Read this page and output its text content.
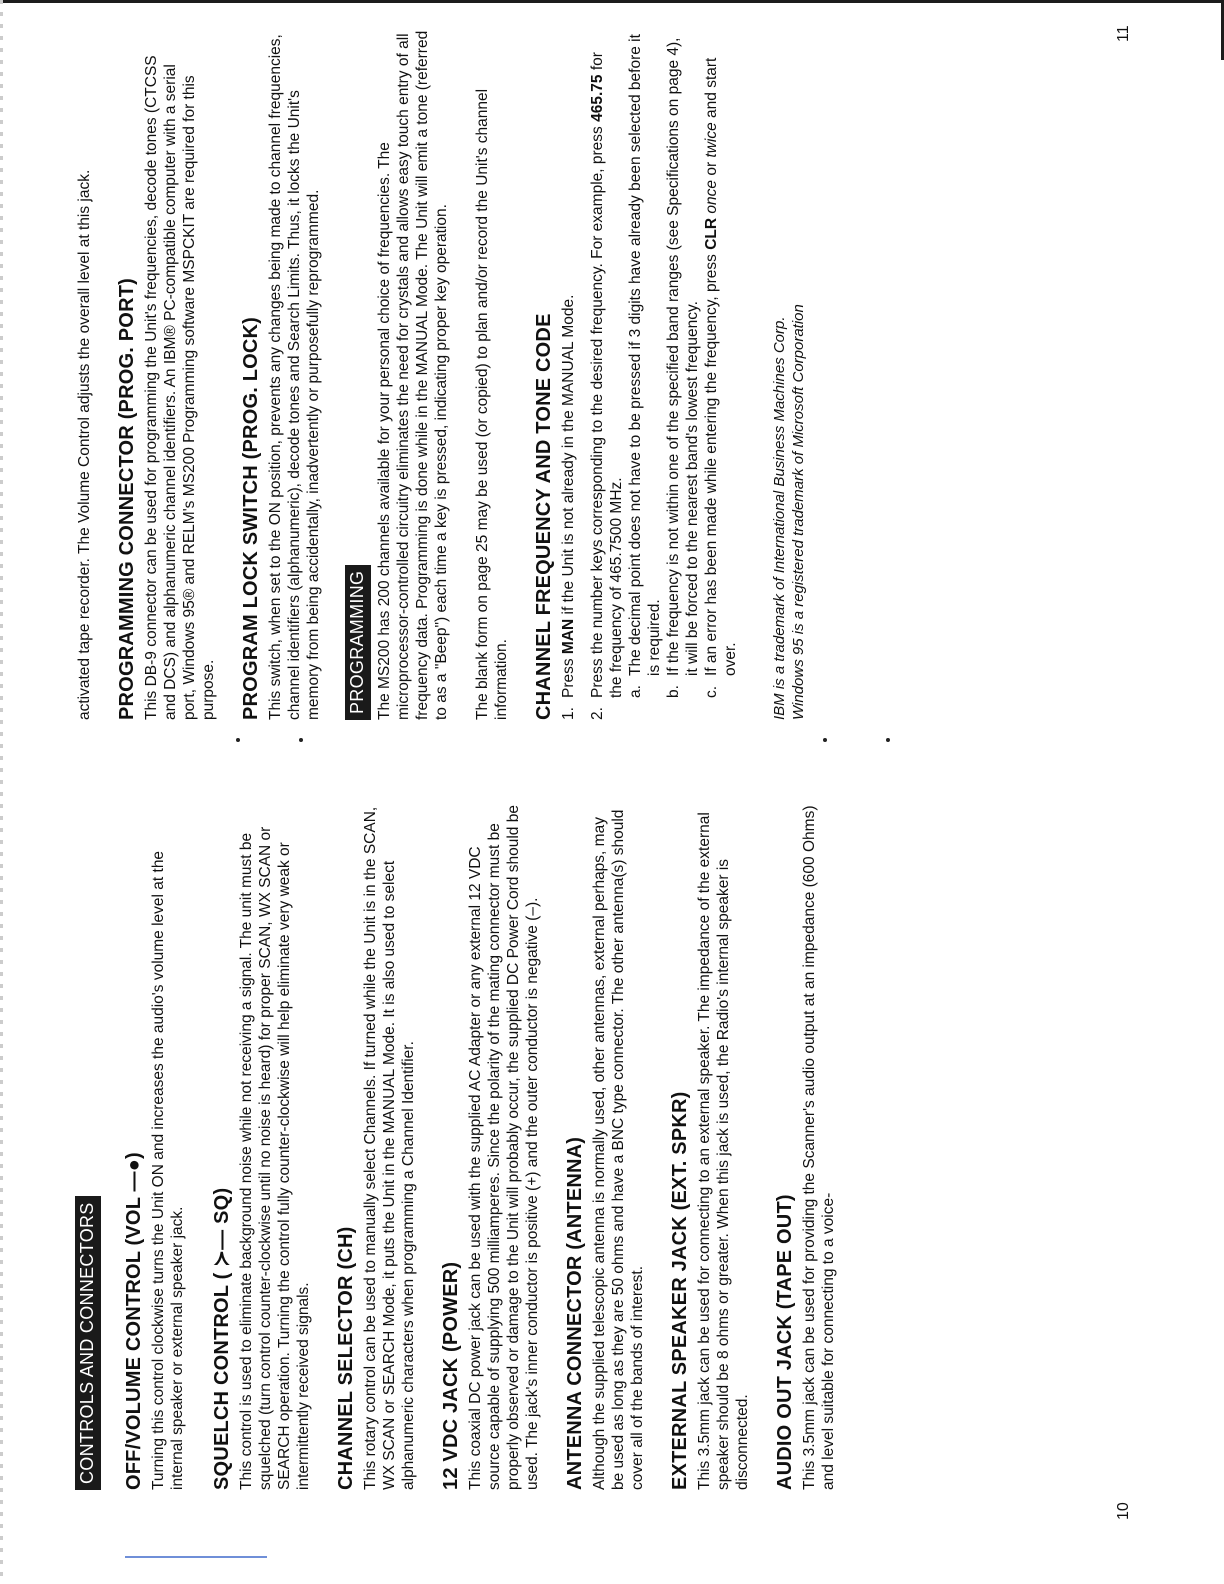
CONTROLS AND CONNECTORS OFF/VOLUME CONTROL (VOL —●) Turning this control clockwise turns the Unit ON and increases the audio's volume level at the internal speaker or external speaker jack. SQUELCH CONTROL ( ≻— SQ) This control is used to eliminate background noise while not receiving a signal. The unit must be squelched (turn control counter-clockwise until no noise is heard) for proper SCAN, WX SCAN or SEARCH operation. Turning the control fully counter-clockwise will help eliminate very weak or intermittently received signals. CHANNEL SELECTOR (CH) This rotary control can be used to manually select Channels. If turned while the Unit is in the SCAN, WX SCAN or SEARCH Mode, it puts the Unit in the MANUAL Mode. It is also used to select alphanumeric characters when programming a Channel Identifier. 12 VDC JACK (POWER) This coaxial DC power jack can be used with the supplied AC Adapter or any external 12 VDC source capable of supplying 500 milliamperes. Since the polarity of the mating connector must be properly observed or damage to the Unit will probably occur, the supplied DC Power Cord should be used. The jack's inner conductor is positive (+) and the outer conductor is negative (–). ANTENNA CONNECTOR (ANTENNA) Although the supplied telescopic antenna is normally used, other antennas, external perhaps, may be used as long as they are 50 ohms and have a BNC type connector. The other antenna(s) should cover all of the bands of interest. EXTERNAL SPEAKER JACK (EXT. SPKR) This 3.5mm jack can be used for connecting to an external speaker. The impedance of the external speaker should be 8 ohms or greater. When this jack is used, the Radio's internal speaker is disconnected. AUDIO OUT JACK (TAPE OUT) This 3.5mm jack can be used for providing the Scanner's audio output at an impedance (600 Ohms) and level suitable for connecting to a voice-

10

activated tape recorder. The Volume Control adjusts the overall level at this jack. PROGRAMMING CONNECTOR (PROG. PORT) This DB-9 connector can be used for programming the Unit's frequencies, decode tones (CTCSS and DCS) and alphanumeric channel identifiers. An IBM® PC-compatible computer with a serial port, Windows 95® and RELM's MS200 Programming software MSPCKIT are required for this purpose. PROGRAM LOCK SWITCH (PROG. LOCK) This switch, when set to the ON position, prevents any changes being made to channel frequencies, channel identifiers (alphanumeric), decode tones and Search Limits. Thus, it locks the Unit's memory from being accidentally, inadvertently or purposefully reprogrammed. PROGRAMMING The MS200 has 200 channels available for your personal choice of frequencies. The microprocessor-controlled circuitry eliminates the need for crystals and allows easy touch entry of all frequency data. Programming is done while in the MANUAL Mode. The Unit will emit a tone (referred to as a "Beep") each time a key is pressed, indicating proper key operation. The blank form on page 25 may be used (or copied) to plan and/or record the Unit's channel information. CHANNEL FREQUENCY AND TONE CODE 1.Press MAN if the Unit is not already in the MANUAL Mode.

2.Press the number keys corresponding to the desired frequency. For example, press 465.75 for the frequency of 465.7500 MHz. a.The decimal point does not have to be pressed if 3 digits have already been selected before it is required.

b.If the frequency is not within one of the specified band ranges (see Specifications on page 4), it will be forced to the nearest band's lowest frequency.

c.If an error has been made while entering the frequency, press CLR once or twice and start over. IBM is a trademark of International Business Machines Corp. Windows 95 is a registered trademark of Microsoft Corporation
11
